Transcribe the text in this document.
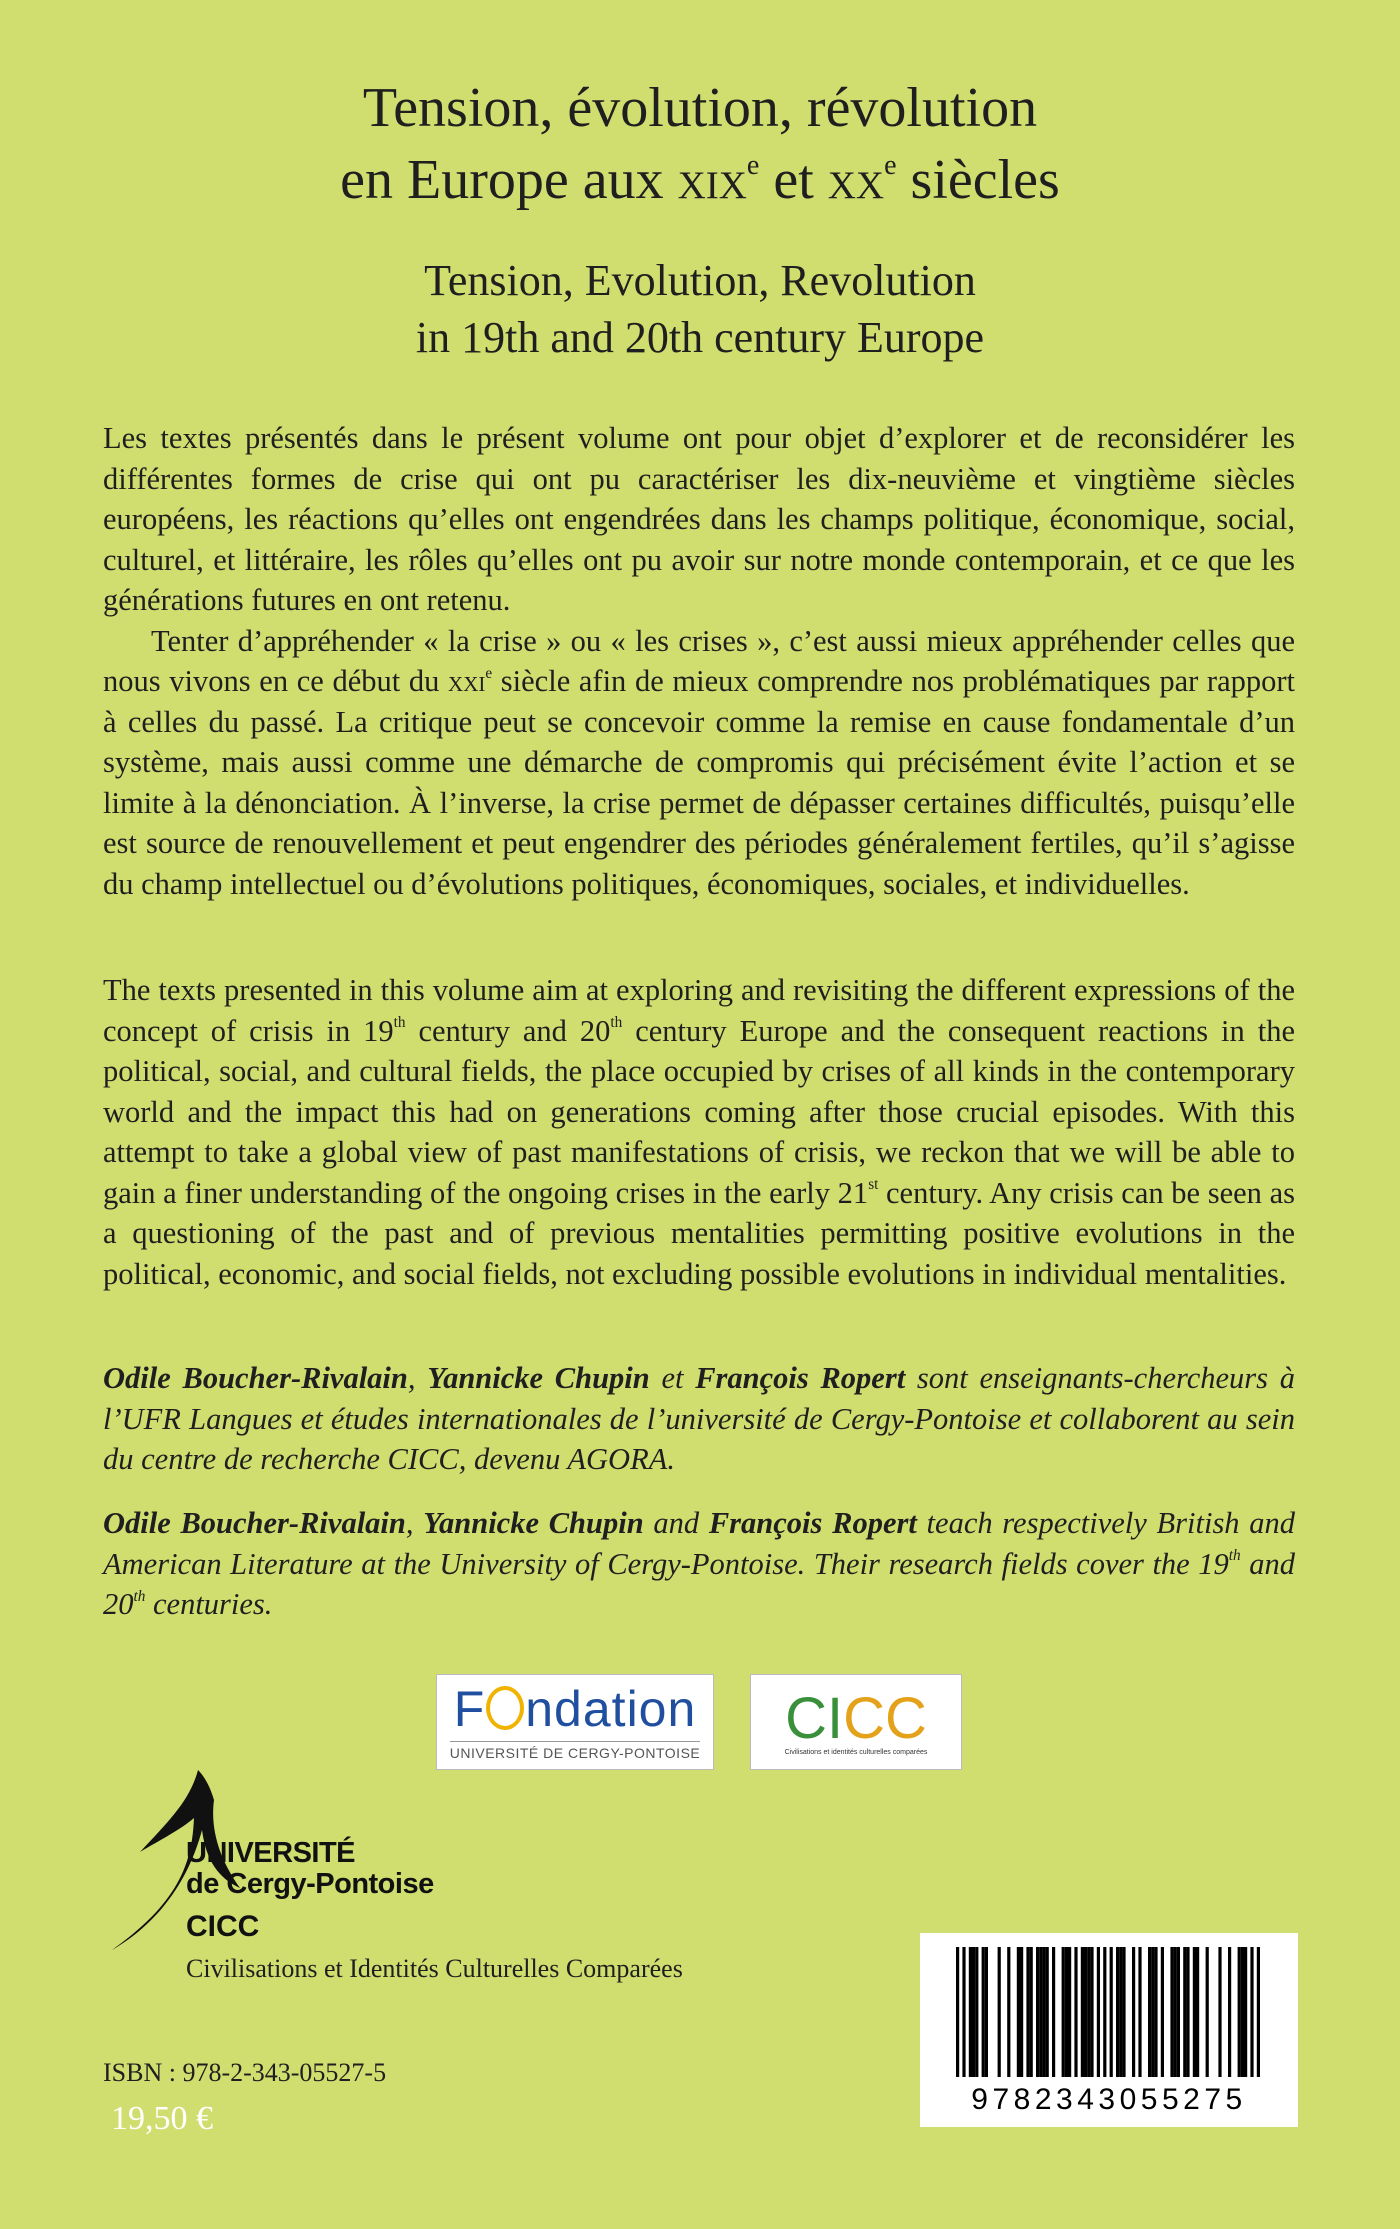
Tension, évolution, révolution
en Europe aux xix$^e$ et $xx^e$ siècles
Tension, Evolution, Revolution
in 19th and 20th century Europe

Les textes présentés dans le présent volume ont pour objet d’explorer et de reconsidérer les différentes formes de crise qui ont pu caractériser les dix-neuvième et vingtième siècles européens, les réactions qu’elles ont engendrées dans les champs politique, économique, social, culturel, et littéraire, les rôles qu’elles ont pu avoir sur notre monde contemporain, et ce que les générations futures en ont retenu.

Tenter d’appréhender « la crise » ou « les crises », c’est aussi mieux appréhender celles que nous vivons en ce début du xxi$^e$ siècle afin de mieux comprendre nos problématiques par rapport à celles du passé. La critique peut se concevoir comme la remise en cause fondamentale d’un système, mais aussi comme une démarche de compromis qui précisément évite l’action et se limite à la dénonciation. À l’inverse, la crise permet de dépasser certaines difficultés, puisqu’elle est source de renouvellement et peut engendrer des périodes généralement fertiles, qu’il s’agisse du champ intellectuel ou d’évolutions politiques, économiques, sociales, et individuelles.

The texts presented in this volume aim at exploring and revisiting the different expressions of the concept of crisis in 19th century and 20th century Europe and the consequent reactions in the political, social, and cultural fields, the place occupied by crises of all kinds in the contemporary world and the impact this had on generations coming after those crucial episodes. With this attempt to take a global view of past manifestations of crisis, we reckon that we will be able to gain a finer understanding of the ongoing crises in the early 21st century. Any crisis can be seen as a questioning of the past and of previous mentalities permitting positive evolutions in the political, economic, and social fields, not excluding possible evolutions in individual mentalities.

Odile Boucher-Rivalain, Yannicke Chupin et François Ropert sont enseignants-chercheurs à l’UFR Langues et études internationales de l’université de Cergy-Pontoise et collaborent au sein du centre de recherche CICC, devenu AGORA.

Odile Boucher-Rivalain, Yannicke Chupin and François Ropert teach respectively British and American Literature at the University of Cergy-Pontoise. Their research fields cover the 19th and 20th centuries.

F ndation
UNIVERSITÉ DE CERGY-PONTOISE
CICC
Civilisations et identités culturelles comparées
UNIVERSITÉ
de Cergy-Pontoise
CICC
Civilisations et Identités Culturelles Comparées
ISBN : 978-2-343-05527-5
19,50 €
9782343055275
